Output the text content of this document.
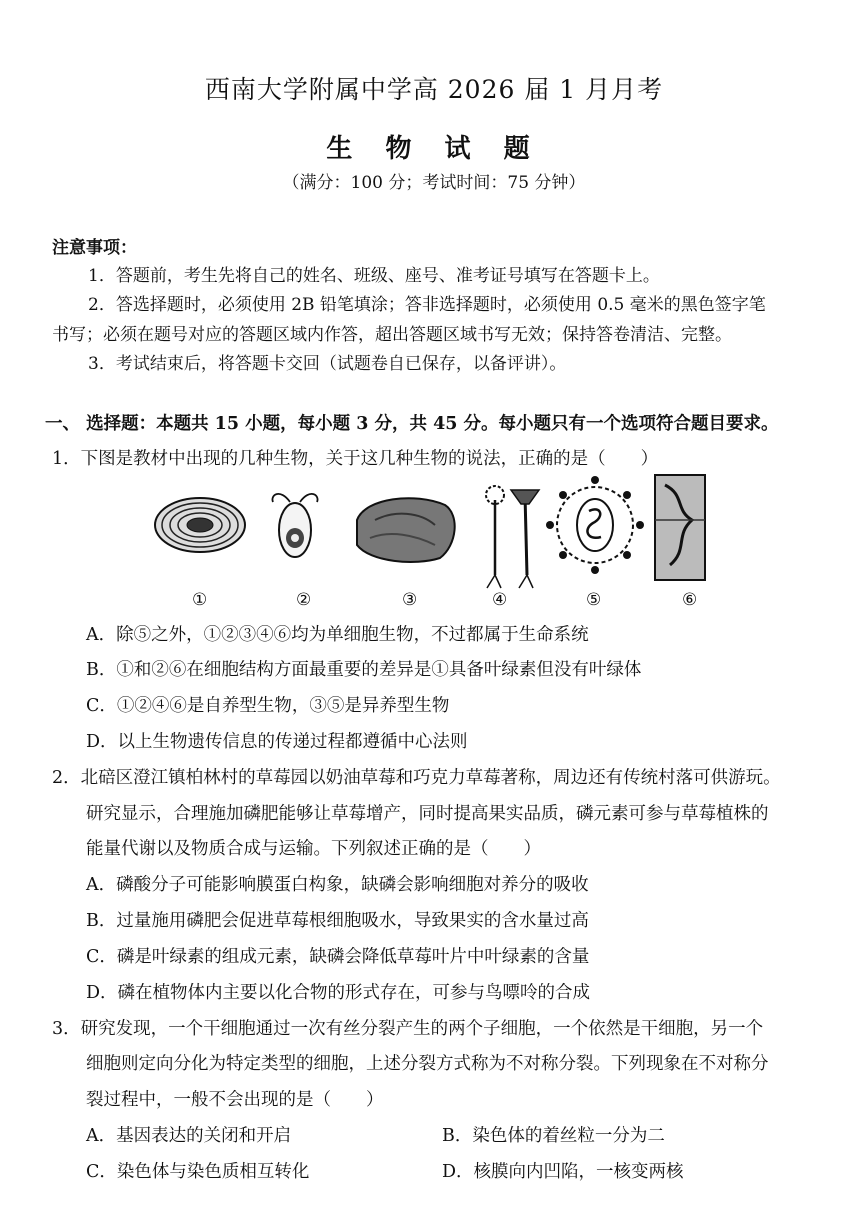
西南大学附属中学高 2026 届 1 月月考
生 物 试 题
（满分：100 分；考试时间：75 分钟）
注意事项：
1．答题前，考生先将自己的姓名、班级、座号、准考证号填写在答题卡上。
2．答选择题时，必须使用 2B 铅笔填涂；答非选择题时，必须使用 0.5 毫米的黑色签字笔
书写；必须在题号对应的答题区域内作答，超出答题区域书写无效；保持答卷清洁、完整。
3．考试结束后，将答题卡交回（试题卷自已保存，以备评讲）。
一、 选择题：本题共 15 小题，每小题 3 分，共 45 分。每小题只有一个选项符合题目要求。
1．下图是教材中出现的几种生物，关于这几种生物的说法，正确的是（　　）
①	②	③	④	⑤	⑥
A．除⑤之外，①②③④⑥均为单细胞生物，不过都属于生命系统
B．①和②⑥在细胞结构方面最重要的差异是①具备叶绿素但没有叶绿体
C．①②④⑥是自养型生物，③⑤是异养型生物
D．以上生物遗传信息的传递过程都遵循中心法则
2．北碚区澄江镇柏林村的草莓园以奶油草莓和巧克力草莓著称，周边还有传统村落可供游玩。
研究显示，合理施加磷肥能够让草莓增产，同时提高果实品质，磷元素可参与草莓植株的
能量代谢以及物质合成与运输。下列叙述正确的是（　　）
A．磷酸分子可能影响膜蛋白构象，缺磷会影响细胞对养分的吸收
B．过量施用磷肥会促进草莓根细胞吸水，导致果实的含水量过高
C．磷是叶绿素的组成元素，缺磷会降低草莓叶片中叶绿素的含量
D．磷在植物体内主要以化合物的形式存在，可参与鸟嘌呤的合成
3．研究发现，一个干细胞通过一次有丝分裂产生的两个子细胞，一个依然是干细胞，另一个
细胞则定向分化为特定类型的细胞，上述分裂方式称为不对称分裂。下列现象在不对称分
裂过程中，一般不会出现的是（　　）
A．基因表达的关闭和开启	B．染色体的着丝粒一分为二
C．染色体与染色质相互转化	D．核膜向内凹陷，一核变两核
